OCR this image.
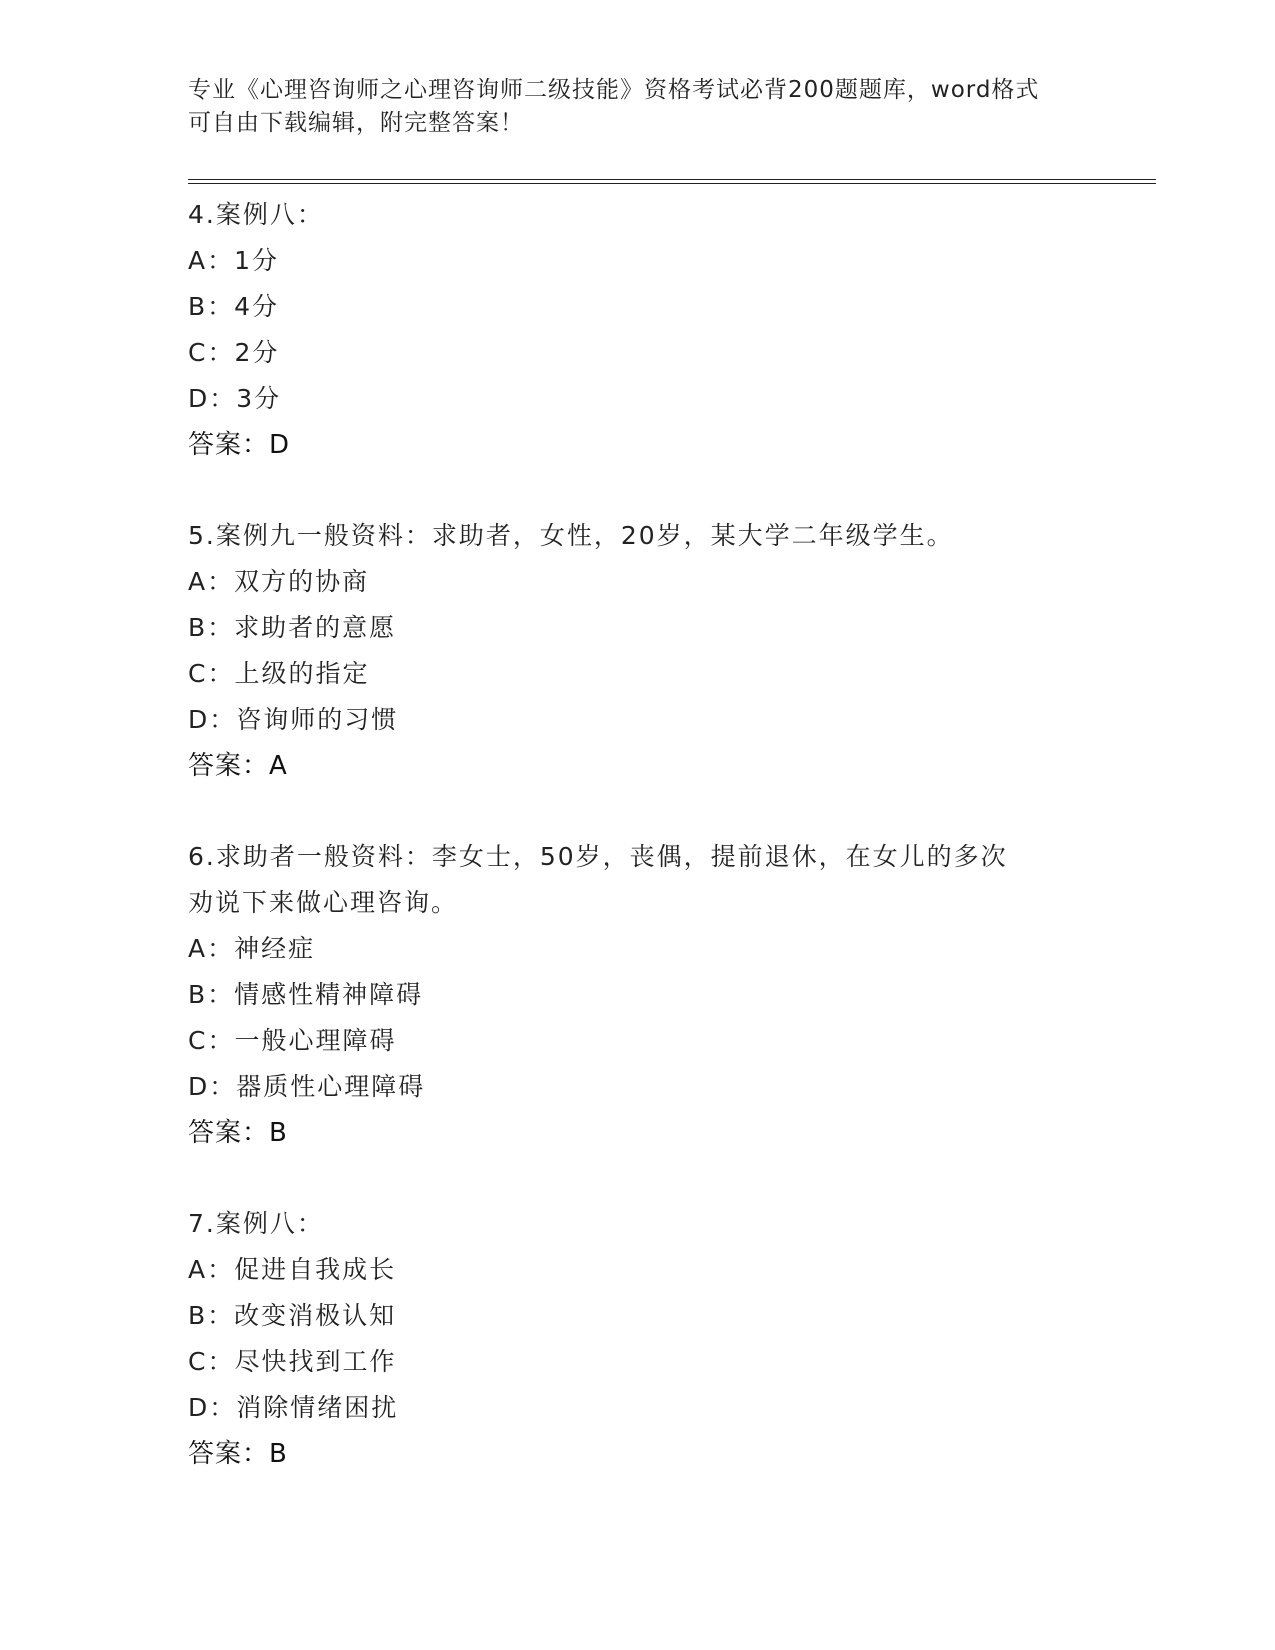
专业《心理咨询师之心理咨询师二级技能》资格考试必背200题题库，word格式
可自由下载编辑，附完整答案！
4.案例八：
A：1分
B：4分
C：2分
D：3分
答案：D
5.案例九一般资料：求助者，女性，20岁，某大学二年级学生。
A：双方的协商
B：求助者的意愿
C：上级的指定
D：咨询师的习惯
答案：A
6.求助者一般资料：李女士，50岁，丧偶，提前退休，在女儿的多次
劝说下来做心理咨询。
A：神经症
B：情感性精神障碍
C：一般心理障碍
D：器质性心理障碍
答案：B
7.案例八：
A：促进自我成长
B：改变消极认知
C：尽快找到工作
D：消除情绪困扰
答案：B
